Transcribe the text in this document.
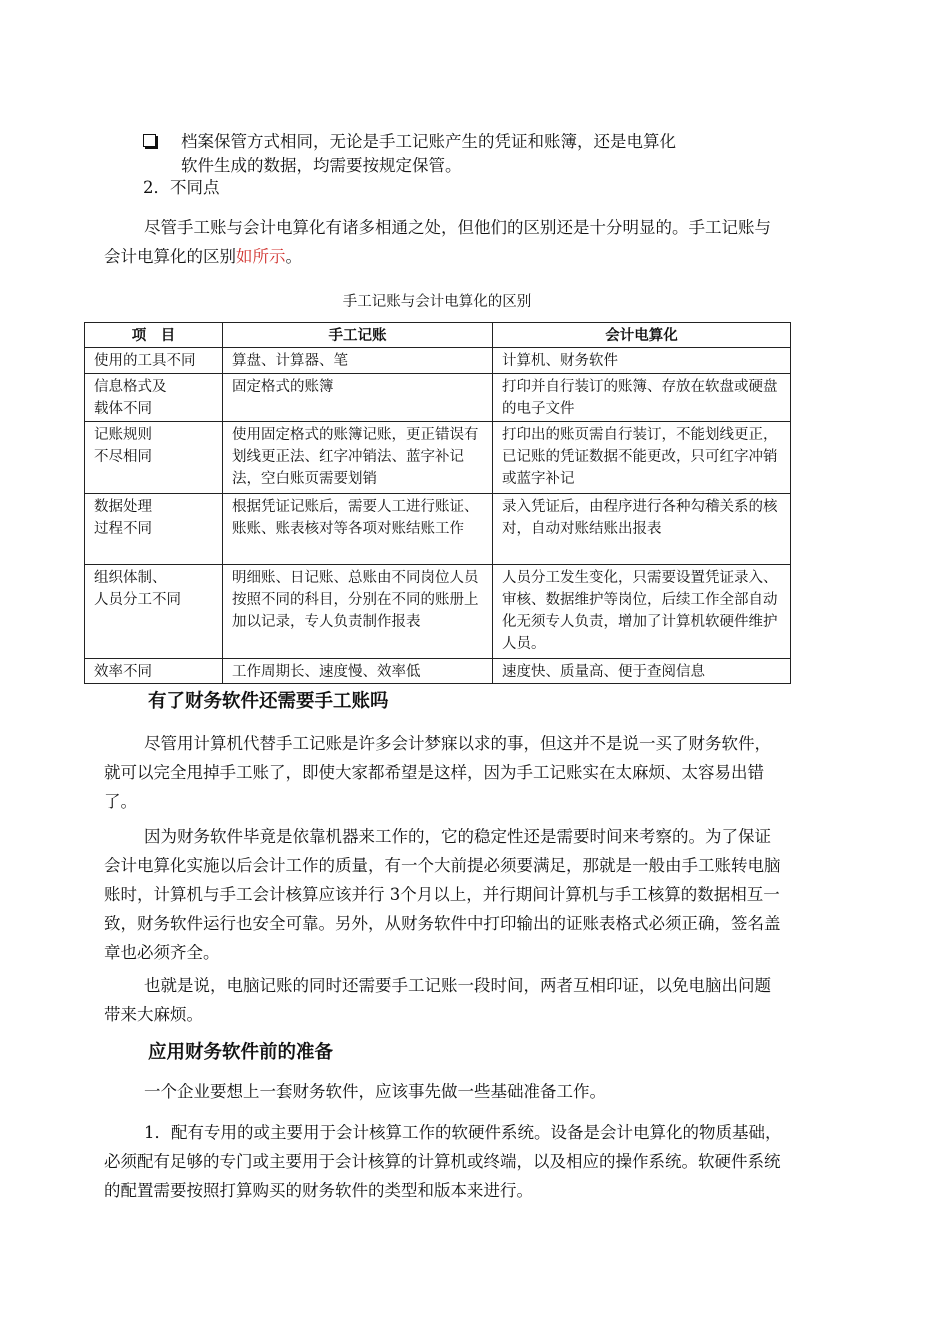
档案保管方式相同，无论是手工记账产生的凭证和账簿，还是电算化
软件生成的数据，均需要按规定保管。
2．不同点
尽管手工账与会计电算化有诸多相通之处，但他们的区别还是十分明显的。手工记账与会计电算化的区别如所示。
手工记账与会计电算化的区别
项　目	手工记账	会计电算化
使用的工具不同	算盘、计算器、笔	计算机、财务软件
信息格式及
载体不同	固定格式的账簿	打印并自行装订的账簿、存放在软盘或硬盘的电子文件
记账规则
不尽相同	使用固定格式的账簿记账，更正错误有划线更正法、红字冲销法、蓝字补记法，空白账页需要划销	打印出的账页需自行装订，不能划线更正，已记账的凭证数据不能更改，只可红字冲销或蓝字补记
数据处理
过程不同	根据凭证记账后，需要人工进行账证、账账、账表核对等各项对账结账工作	录入凭证后，由程序进行各种勾稽关系的核对，自动对账结账出报表
组织体制、
人员分工不同	明细账、日记账、总账由不同岗位人员按照不同的科目，分别在不同的账册上加以记录，专人负责制作报表	人员分工发生变化，只需要设置凭证录入、审核、数据维护等岗位，后续工作全部自动化无须专人负责，增加了计算机软硬件维护人员。
效率不同	工作周期长、速度慢、效率低	速度快、质量高、便于查阅信息
有了财务软件还需要手工账吗
尽管用计算机代替手工记账是许多会计梦寐以求的事，但这并不是说一买了财务软件，就可以完全甩掉手工账了，即使大家都希望是这样，因为手工记账实在太麻烦、太容易出错了。
因为财务软件毕竟是依靠机器来工作的，它的稳定性还是需要时间来考察的。为了保证会计电算化实施以后会计工作的质量，有一个大前提必须要满足，那就是一般由手工账转电脑账时，计算机与手工会计核算应该并行 3个月以上，并行期间计算机与手工核算的数据相互一致，财务软件运行也安全可靠。另外，从财务软件中打印输出的证账表格式必须正确，签名盖章也必须齐全。
也就是说，电脑记账的同时还需要手工记账一段时间，两者互相印证，以免电脑出问题带来大麻烦。
应用财务软件前的准备
一个企业要想上一套财务软件，应该事先做一些基础准备工作。
1．配有专用的或主要用于会计核算工作的软硬件系统。设备是会计电算化的物质基础，必须配有足够的专门或主要用于会计核算的计算机或终端，以及相应的操作系统。软硬件系统的配置需要按照打算购买的财务软件的类型和版本来进行。
